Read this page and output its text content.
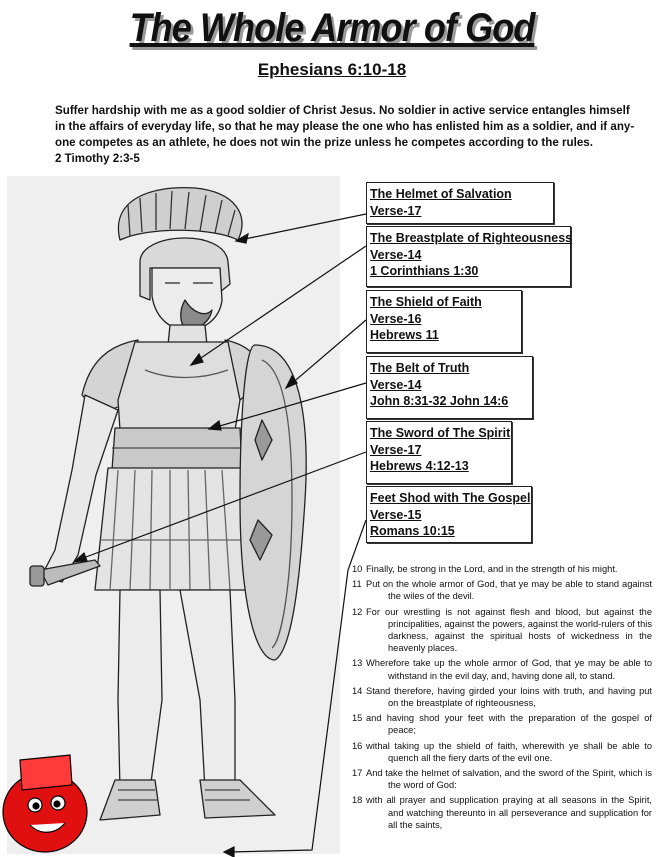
The Whole Armor of God
Ephesians 6:10-18

Suffer hardship with me as a good soldier of Christ Jesus. No soldier in active service entangles himself

in the affairs of everyday life, so that he may please the one who has enlisted him as a soldier, and if any-

one competes as an athlete, he does not win the prize unless he competes according to the rules.

2 Timothy 2:3-5

The Helmet of Salvation
Verse-17
The Breastplate of Righteousness
Verse-14
1 Corinthians 1:30
The Shield of Faith
Verse-16
Hebrews 11
The Belt of Truth
Verse-14
John 8:31-32 John 14:6
The Sword of The Spirit
Verse-17
Hebrews 4:12-13
Feet Shod with The Gospel
Verse-15
Romans 10:15
10 Finally, be strong in the Lord, and in the strength of his might.
11 Put on the whole armor of God, that ye may be able to stand against the wiles of the devil.
12 For our wrestling is not against flesh and blood, but against the principalities, against the powers, against the world-rulers of this darkness, against the spiritual hosts of wickedness in the heavenly places.
13 Wherefore take up the whole armor of God, that ye may be able to withstand in the evil day, and, having done all, to stand.
14 Stand therefore, having girded your loins with truth, and having put on the breastplate of righteousness,
15 and having shod your feet with the preparation of the gospel of peace;
16 withal taking up the shield of faith, wherewith ye shall be able to quench all the fiery darts of the evil one.
17 And take the helmet of salvation, and the sword of the Spirit, which is the word of God:
18 with all prayer and supplication praying at all seasons in the Spirit, and watching thereunto in all perseverance and supplication for all the saints,
